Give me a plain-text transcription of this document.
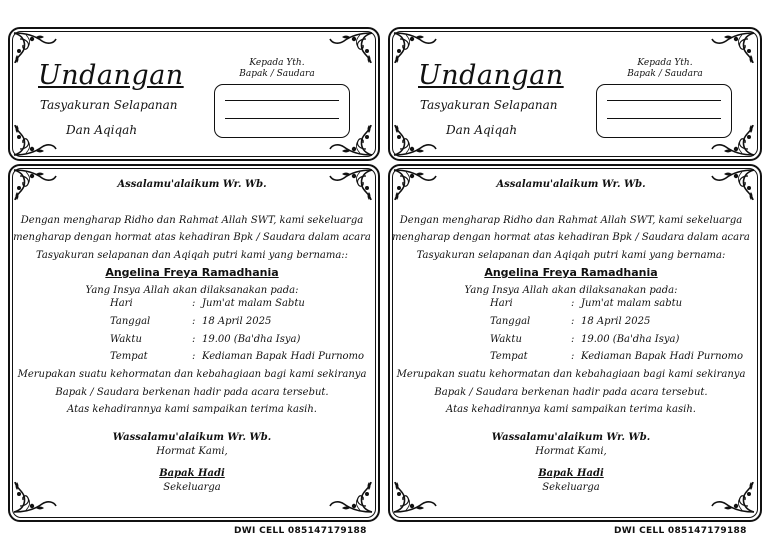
Undangan
Tasyakuran Selapanan
Dan Aqiqah
Kepada Yth.
Bapak / Saudara	Undangan
Tasyakuran Selapanan
Dan Aqiqah
Kepada Yth.
Bapak / Saudara
Assalamu'alaikum Wr. Wb.
Dengan mengharap Ridho dan Rahmat Allah SWT, kami sekeluarga
mengharap dengan hormat atas kehadiran Bpk / Saudara dalam acara
Tasyakuran selapanan dan Aqiqah putri kami yang bernama::
Angelina Freya Ramadhania
Yang Insya Allah akan dilaksanakan pada:
Hari	: Jum'at malam Sabtu
Tanggal	: 18 April 2025
Waktu	: 19.00 (Ba'dha Isya)
Tempat	: Kediaman Bapak Hadi Purnomo
Merupakan suatu kehormatan dan kebahagiaan bagi kami sekiranya
Bapak / Saudara berkenan hadir pada acara tersebut.
Atas kehadirannya kami sampaikan terima kasih.
Wassalamu'alaikum Wr. Wb.
Hormat Kami,
Bapak Hadi
Sekeluarga
Assalamu'alaikum Wr. Wb.
Dengan mengharap Ridho dan Rahmat Allah SWT, kami sekeluarga
mengharap dengan hormat atas kehadiran Bpk / Saudara dalam acara
Tasyakuran selapanan dan Aqiqah putri kami yang bernama:
Angelina Freya Ramadhania
Yang Insya Allah akan dilaksanakan pada:
Hari	: Jum'at malam sabtu
Tanggal	: 18 April 2025
Waktu	: 19.00 (Ba'dha Isya)
Tempat	: Kediaman Bapak Hadi Purnomo
Merupakan suatu kehormatan dan kebahagiaan bagi kami sekiranya
Bapak / Saudara berkenan hadir pada acara tersebut.
Atas kehadirannya kami sampaikan terima kasih.
Wassalamu'alaikum Wr. Wb.
Hormat Kami,
Bapak Hadi
Sekeluarga
DWI CELL 085147179188	DWI CELL 085147179188
